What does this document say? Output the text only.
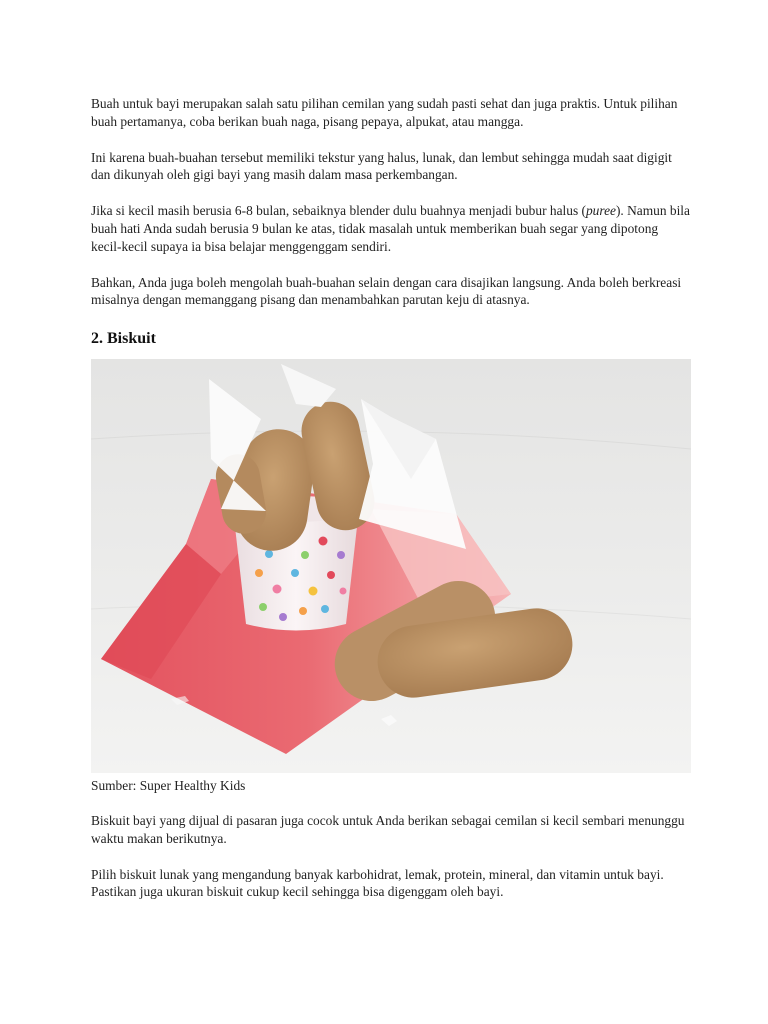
Buah untuk bayi merupakan salah satu pilihan cemilan yang sudah pasti sehat dan juga praktis. Untuk pilihan buah pertamanya, coba berikan buah naga, pisang pepaya, alpukat, atau mangga.

Ini karena buah-buahan tersebut memiliki tekstur yang halus, lunak, dan lembut sehingga mudah saat digigit dan dikunyah oleh gigi bayi yang masih dalam masa perkembangan.

Jika si kecil masih berusia 6-8 bulan, sebaiknya blender dulu buahnya menjadi bubur halus (puree). Namun bila buah hati Anda sudah berusia 9 bulan ke atas, tidak masalah untuk memberikan buah segar yang dipotong kecil-kecil supaya ia bisa belajar menggenggam sendiri.

Bahkan, Anda juga boleh mengolah buah-buahan selain dengan cara disajikan langsung. Anda boleh berkreasi misalnya dengan memanggang pisang dan menambahkan parutan keju di atasnya.

2. Biskuit

Sumber: Super Healthy Kids

Biskuit bayi yang dijual di pasaran juga cocok untuk Anda berikan sebagai cemilan si kecil sembari menunggu waktu makan berikutnya.

Pilih biskuit lunak yang mengandung banyak karbohidrat, lemak, protein, mineral, dan vitamin untuk bayi. Pastikan juga ukuran biskuit cukup kecil sehingga bisa digenggam oleh bayi.
